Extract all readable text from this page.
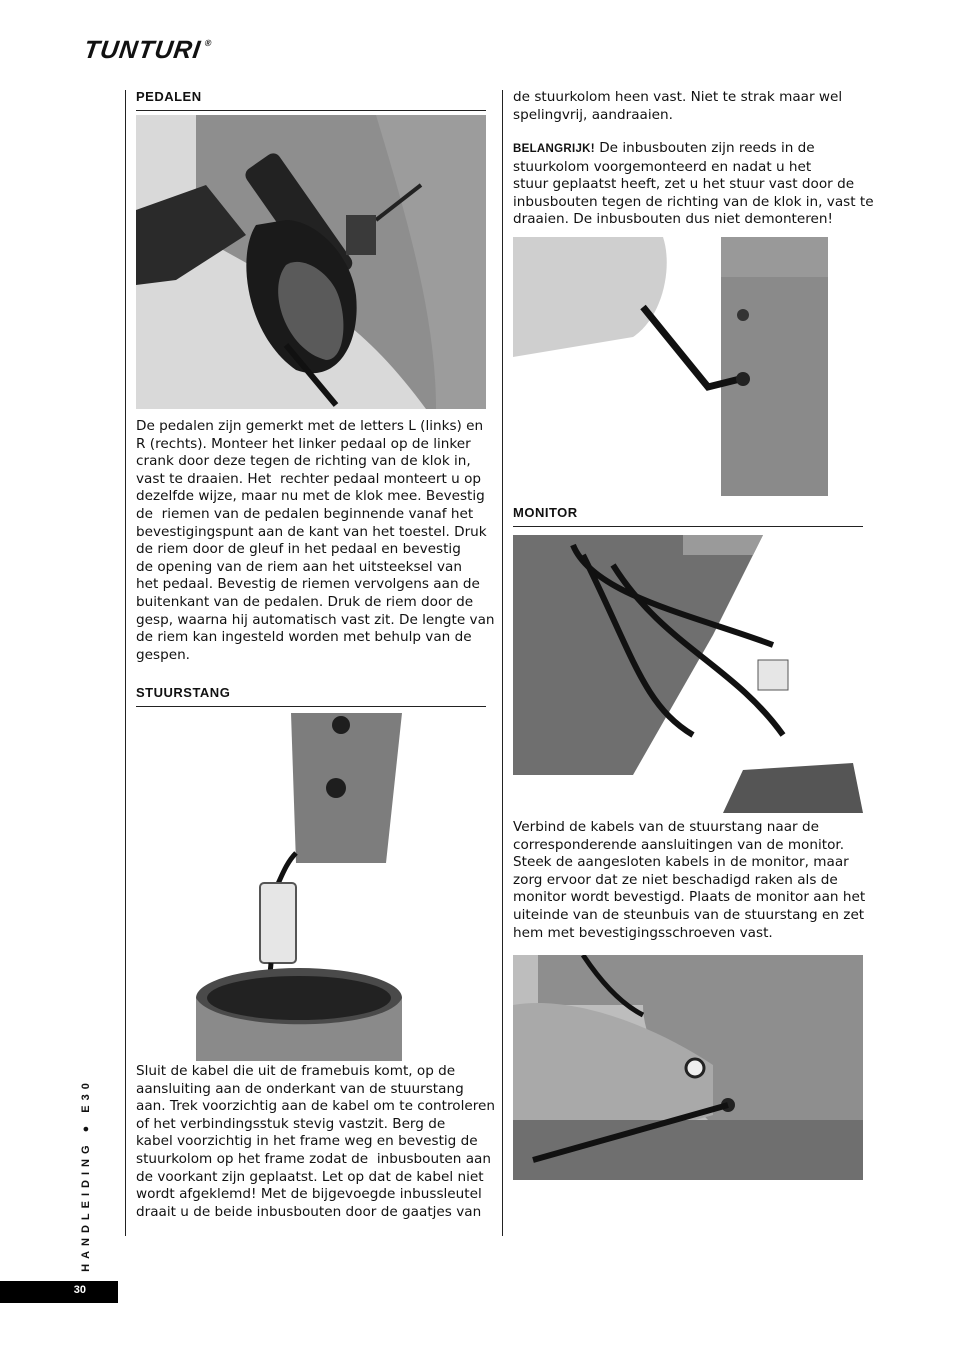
TUNTURI®
PEDALEN
De pedalen zijn gemerkt met de letters L (links) en
R (rechts). Monteer het linker pedaal op de linker
crank door deze tegen de richting van de klok in,
vast te draaien. Het  rechter pedaal monteert u op
dezelfde wijze, maar nu met de klok mee. Bevestig
de  riemen van de pedalen beginnende vanaf het
bevestigingspunt aan de kant van het toestel. Druk
de riem door de gleuf in het pedaal en bevestig
de opening van de riem aan het uitsteeksel van
het pedaal. Bevestig de riemen vervolgens aan de
buitenkant van de pedalen. Druk de riem door de
gesp, waarna hij automatisch vast zit. De lengte van
de riem kan ingesteld worden met behulp van de
gespen.
STUURSTANG
Sluit de kabel die uit de framebuis komt, op de
aansluiting aan de onderkant van de stuurstang
aan. Trek voorzichtig aan de kabel om te controleren
of het verbindingsstuk stevig vastzit. Berg de
kabel voorzichtig in het frame weg en bevestig de
stuurkolom op het frame zodat de  inbusbouten aan
de voorkant zijn geplaatst. Let op dat de kabel niet
wordt afgeklemd! Met de bijgevoegde inbussleutel
draait u de beide inbusbouten door de gaatjes van
de stuurkolom heen vast. Niet te strak maar wel
spelingvrij, aandraaien.
BELANGRIJK! De inbusbouten zijn reeds in de
stuurkolom voorgemonteerd en nadat u het
stuur geplaatst heeft, zet u het stuur vast door de
inbusbouten tegen de richting van de klok in, vast te
draaien. De inbusbouten dus niet demonteren!
MONITOR
Verbind de kabels van de stuurstang naar de
corresponderende aansluitingen van de monitor.
Steek de aangesloten kabels in de monitor, maar
zorg ervoor dat ze niet beschadigd raken als de
monitor wordt bevestigd. Plaats de monitor aan het
uiteinde van de steunbuis van de stuurstang en zet
hem met bevestigingsschroeven vast.
HANDLEIDING ● E30
30
